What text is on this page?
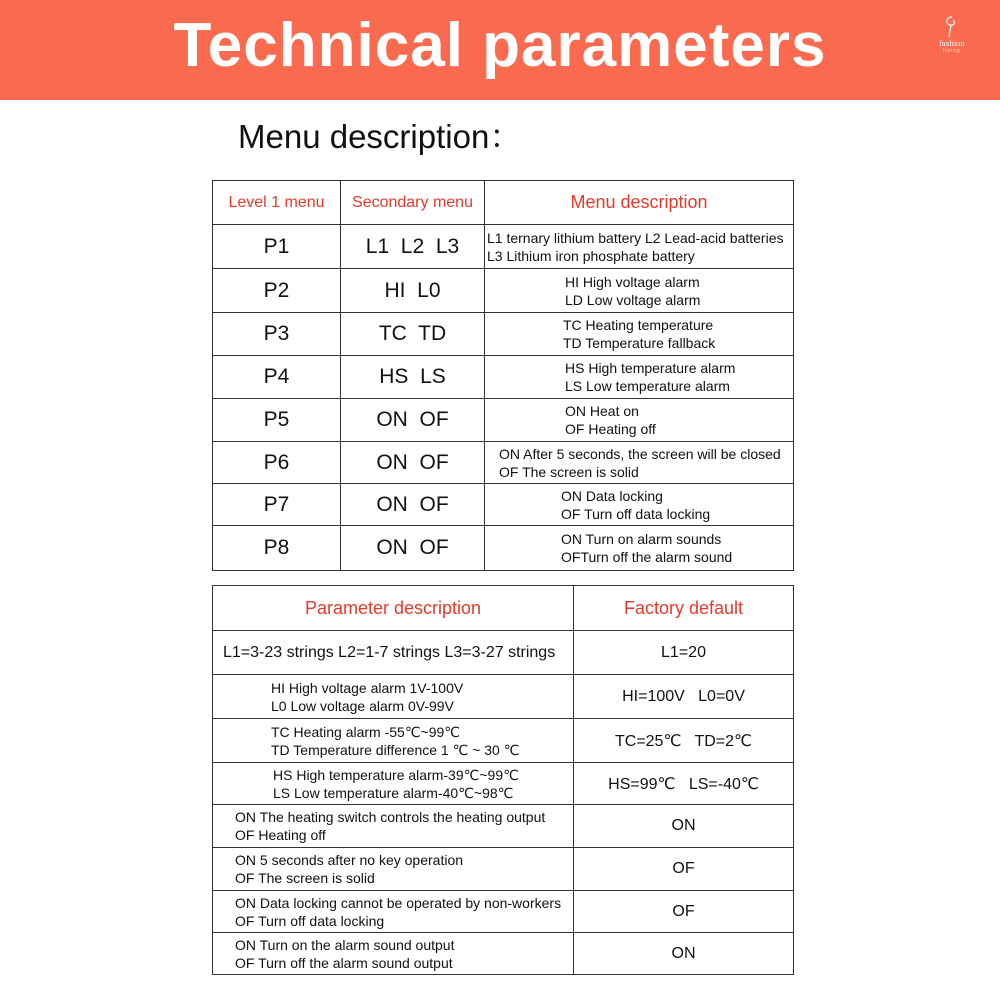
Technical parameters	fashion
living
Menu description：
Level 1 menu	Secondary menu	Menu description
P1	L1  L2  L3	L1 ternary lithium battery L2 Lead-acid batteries
L3 Lithium iron phosphate battery

P2	HI  L0	HI High voltage alarm
LD Low voltage alarm

P3	TC  TD	TC Heating temperature
TD Temperature fallback

P4	HS  LS	HS High temperature alarm
LS Low temperature alarm

P5	ON  OF	ON Heat on
OF Heating off

P6	ON  OF	ON After 5 seconds, the screen will be closed
OF The screen is solid

P7	ON  OF	ON Data locking
OF Turn off data locking

P8	ON  OF	ON Turn on alarm sounds
OFTurn off the alarm sound
Parameter description	Factory default

L1=3-23 strings L2=1-7 strings L3=3-27 strings	L1=20

HI High voltage alarm 1V-100V
L0 Low voltage alarm 0V-99V	HI=100V   L0=0V

TC Heating alarm -55℃~99℃
TD Temperature difference 1 ℃ ~ 30 ℃	TC=25℃   TD=2℃

HS High temperature alarm-39℃~99℃
LS Low temperature alarm-40℃~98℃	HS=99℃   LS=-40℃

ON The heating switch controls the heating output
OF Heating off	ON

ON 5 seconds after no key operation
OF The screen is solid	OF

ON Data locking cannot be operated by non-workers
OF Turn off data locking	OF

ON Turn on the alarm sound output
OF Turn off the alarm sound output	ON
